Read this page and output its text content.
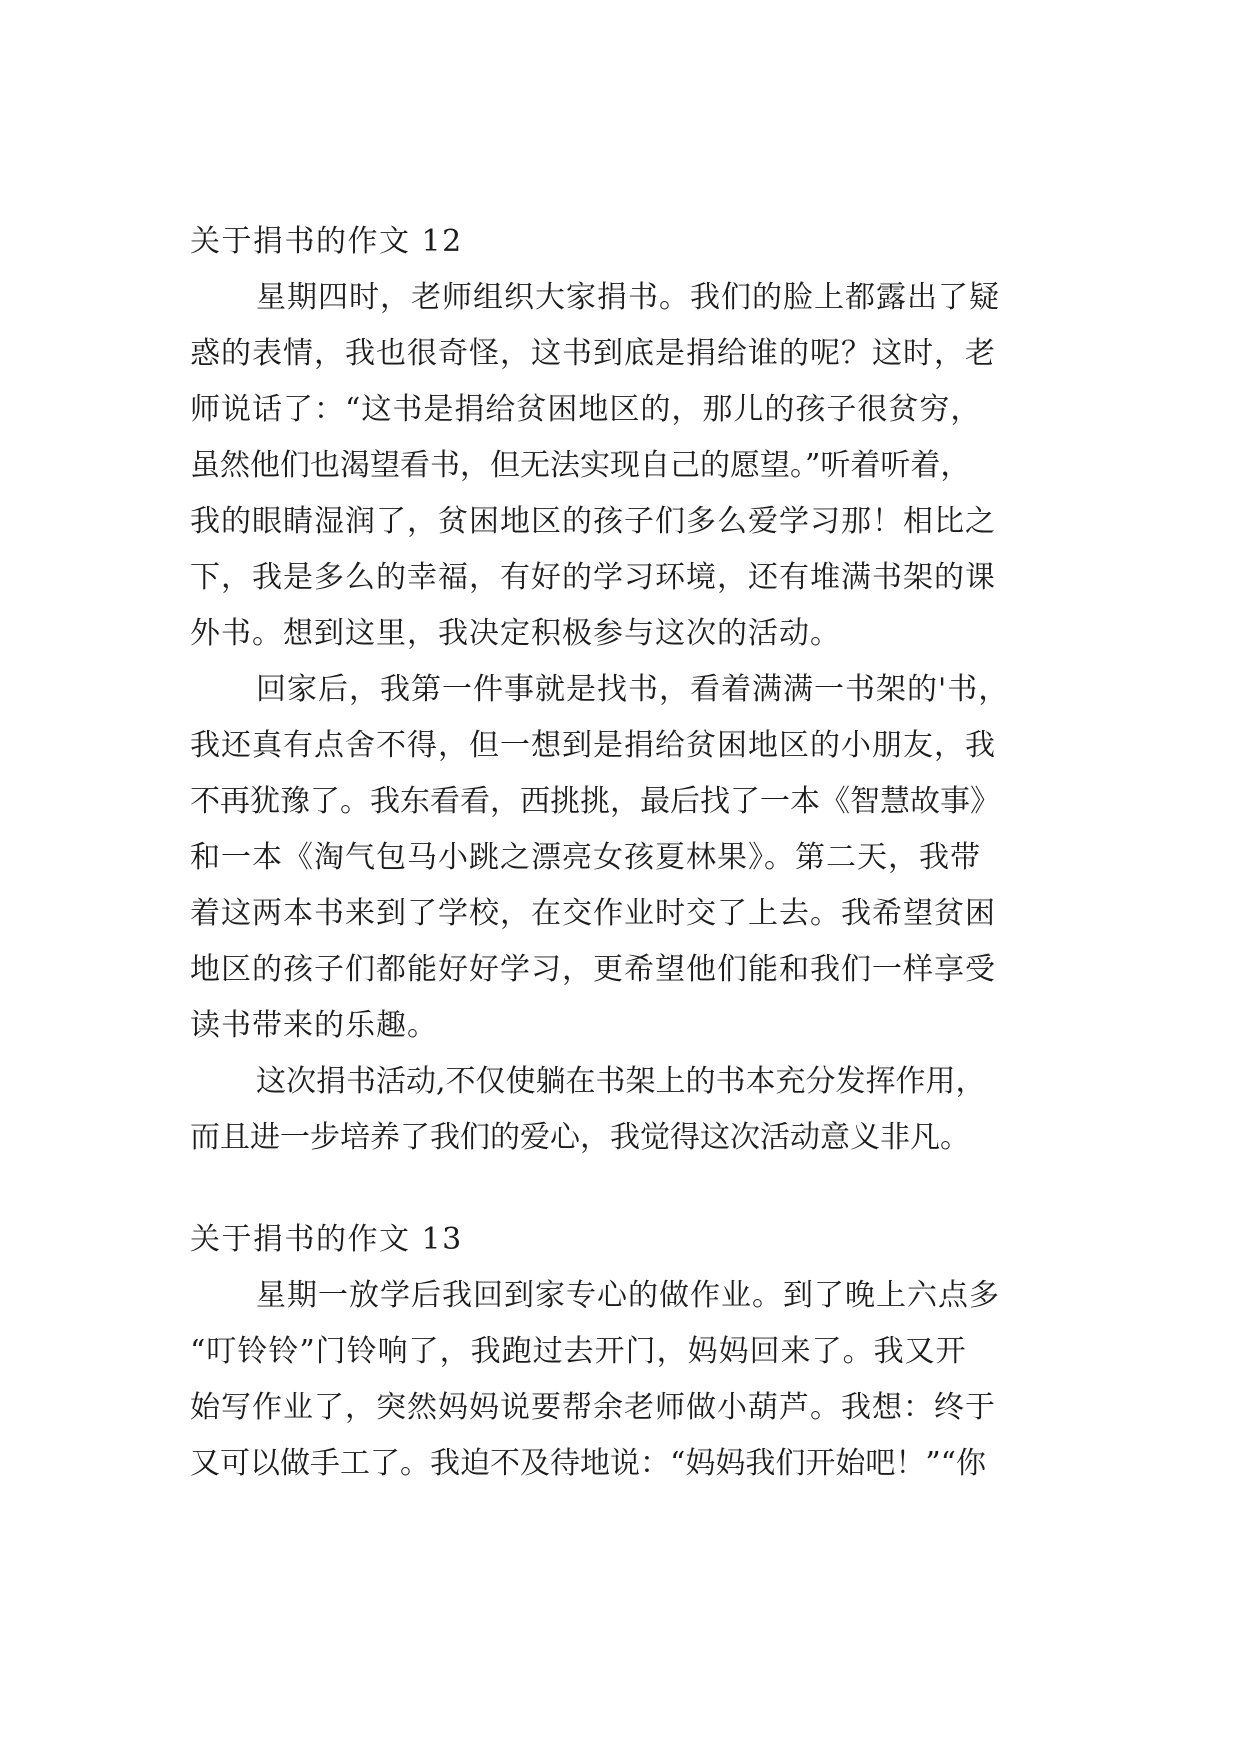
关于捐书的作文 12
星期四时，老师组织大家捐书。我们的脸上都露出了疑
惑的表情，我也很奇怪，这书到底是捐给谁的呢？这时，老
师说话了：“这书是捐给贫困地区的，那儿的孩子很贫穷，
虽然他们也渴望看书，但无法实现自己的愿望。”听着听着，
我的眼睛湿润了，贫困地区的孩子们多么爱学习那！相比之
下，我是多么的幸福，有好的学习环境，还有堆满书架的课
外书。想到这里，我决定积极参与这次的活动。
回家后，我第一件事就是找书，看着满满一书架的'书，
我还真有点舍不得，但一想到是捐给贫困地区的小朋友，我
不再犹豫了。我东看看，西挑挑，最后找了一本《智慧故事》
和一本《淘气包马小跳之漂亮女孩夏林果》。第二天，我带
着这两本书来到了学校，在交作业时交了上去。我希望贫困
地区的孩子们都能好好学习，更希望他们能和我们一样享受
读书带来的乐趣。
这次捐书活动,不仅使躺在书架上的书本充分发挥作用，
而且进一步培养了我们的爱心，我觉得这次活动意义非凡。
关于捐书的作文 13
星期一放学后我回到家专心的做作业。到了晚上六点多
“叮铃铃”门铃响了，我跑过去开门，妈妈回来了。我又开
始写作业了，突然妈妈说要帮余老师做小葫芦。我想：终于
又可以做手工了。我迫不及待地说：“妈妈我们开始吧！”“你
